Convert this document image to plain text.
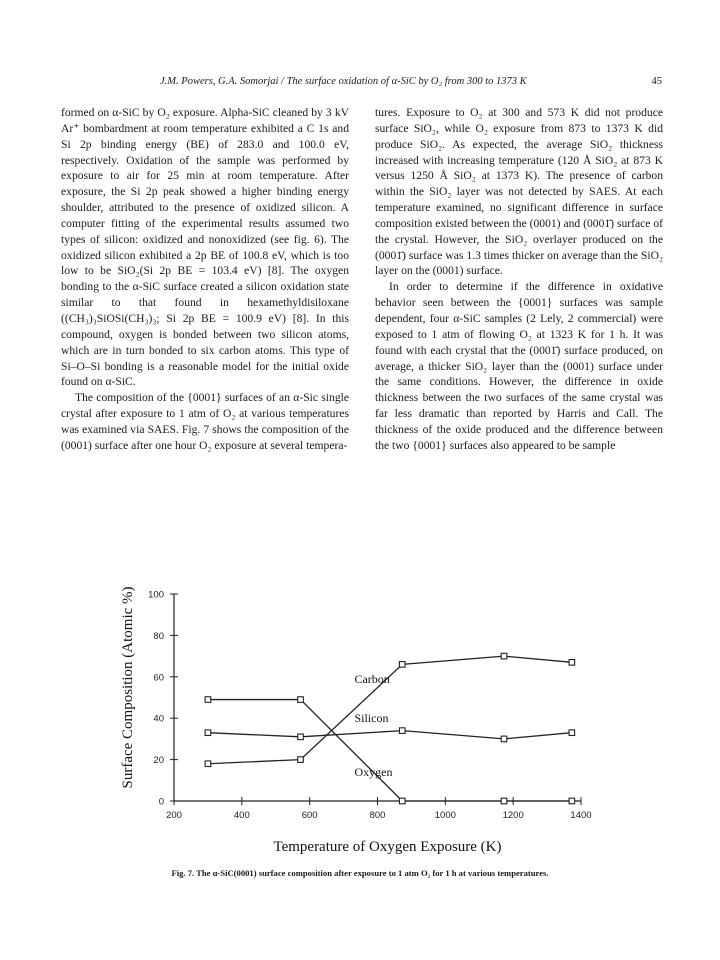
J.M. Powers, G.A. Somorjai / The surface oxidation of α-SiC by O₂ from 300 to 1373 K	45

formed on α-SiC by O₂ exposure. Alpha-SiC cleaned by 3 kV Ar⁺ bombardment at room temperature exhibited a C 1s and Si 2p binding energy (BE) of 283.0 and 100.0 eV, respectively. Oxidation of the sample was performed by exposure to air for 25 min at room temperature. After exposure, the Si 2p peak showed a higher binding energy shoulder, attributed to the presence of oxidized silicon. A computer fitting of the experimental results assumed two types of silicon: oxidized and nonoxidized (see fig. 6). The oxidized silicon exhibited a 2p BE of 100.8 eV, which is too low to be SiO₂(Si 2p BE = 103.4 eV) [8]. The oxygen bonding to the α-SiC surface created a silicon oxidation state similar to that found in hexamethyldisiloxane ((CH₃)₃SiOSi(CH₃)₃; Si 2p BE = 100.9 eV) [8]. In this compound, oxygen is bonded between two silicon atoms, which are in turn bonded to six carbon atoms. This type of Si–O–Si bonding is a reasonable model for the initial oxide found on α-SiC.

The composition of the {0001} surfaces of an α-Sic single crystal after exposure to 1 atm of O₂ at various temperatures was examined via SAES. Fig. 7 shows the composition of the (0001) surface after one hour O₂ exposure at several tempera-

tures. Exposure to O₂ at 300 and 573 K did not produce surface SiO₂, while O₂ exposure from 873 to 1373 K did produce SiO₂. As expected, the average SiO₂ thickness increased with increasing temperature (120 Å SiO₂ at 873 K versus 1250 Å SiO₂ at 1373 K). The presence of carbon within the SiO₂ layer was not detected by SAES. At each temperature examined, no significant difference in surface composition existed between the (0001) and (0001̄) surface of the crystal. However, the SiO₂ overlayer produced on the (0001̄) surface was 1.3 times thicker on average than the SiO₂ layer on the (0001) surface.

In order to determine if the difference in oxidative behavior seen between the {0001} surfaces was sample dependent, four α-SiC samples (2 Lely, 2 commercial) were exposed to 1 atm of flowing O₂ at 1323 K for 1 h. It was found with each crystal that the (0001̄) surface produced, on average, a thicker SiO₂ layer than the (0001) surface under the same conditions. However, the difference in oxide thickness between the two surfaces of the same crystal was far less dramatic than reported by Harris and Call. The thickness of the oxide produced and the difference between the two {0001} surfaces also appeared to be sample

200	400	600	800	1000	1200	1400
0
20
40
60
80
100
Temperature of Oxygen Exposure (K)
Surface Composition (Atomic %)	Carbon
Silicon
Oxygen
Fig. 7. The α-SiC(0001) surface composition after exposure to 1 atm O₂ for 1 h at various temperatures.
